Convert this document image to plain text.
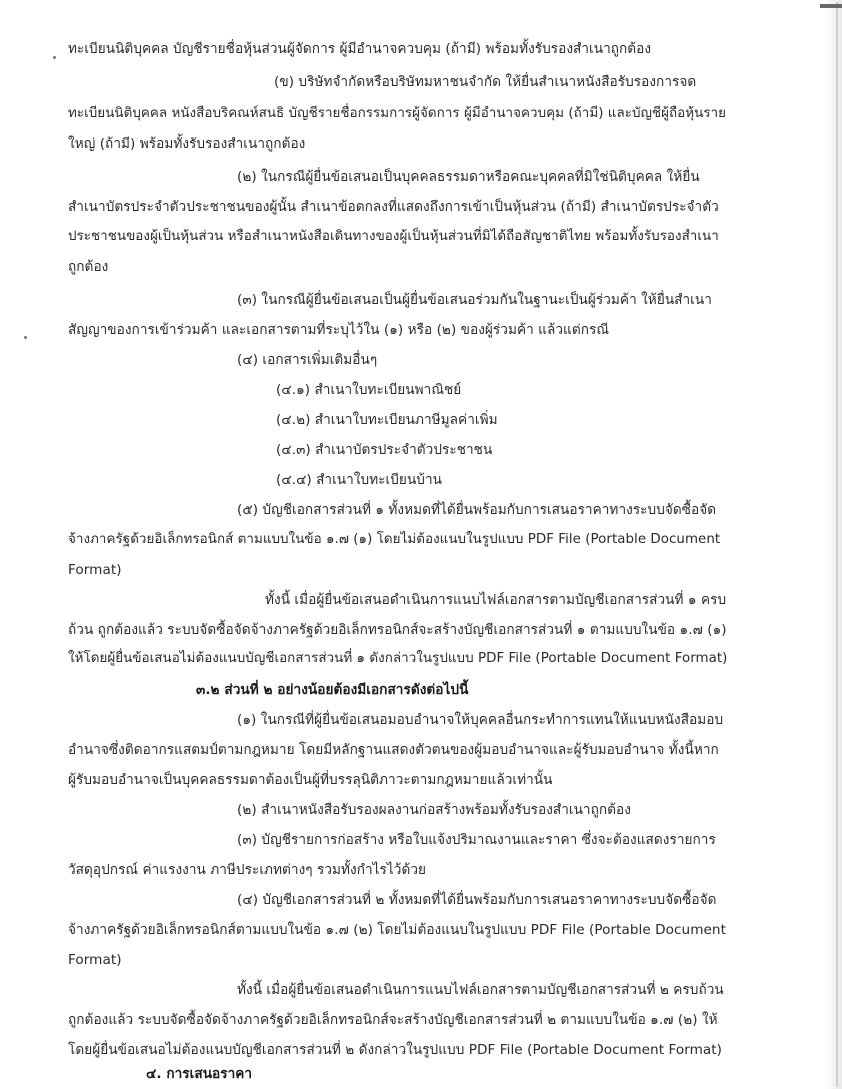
ทะเบียนนิติบุคคล บัญชีรายชื่อหุ้นส่วนผู้จัดการ ผู้มีอำนาจควบคุม (ถ้ามี) พร้อมทั้งรับรองสำเนาถูกต้อง
(ข) บริษัทจำกัดหรือบริษัทมหาชนจำกัด ให้ยื่นสำเนาหนังสือรับรองการจด
ทะเบียนนิติบุคคล หนังสือบริคณห์สนธิ บัญชีรายชื่อกรรมการผู้จัดการ ผู้มีอำนาจควบคุม (ถ้ามี) และบัญชีผู้ถือหุ้นราย
ใหญ่ (ถ้ามี) พร้อมทั้งรับรองสำเนาถูกต้อง
(๒) ในกรณีผู้ยื่นข้อเสนอเป็นบุคคลธรรมดาหรือคณะบุคคลที่มิใช่นิติบุคคล ให้ยื่น
สำเนาบัตรประจำตัวประชาชนของผู้นั้น สำเนาข้อตกลงที่แสดงถึงการเข้าเป็นหุ้นส่วน (ถ้ามี) สำเนาบัตรประจำตัว
ประชาชนของผู้เป็นหุ้นส่วน หรือสำเนาหนังสือเดินทางของผู้เป็นหุ้นส่วนที่มิได้ถือสัญชาติไทย พร้อมทั้งรับรองสำเนา
ถูกต้อง
(๓) ในกรณีผู้ยื่นข้อเสนอเป็นผู้ยื่นข้อเสนอร่วมกันในฐานะเป็นผู้ร่วมค้า ให้ยื่นสำเนา
สัญญาของการเข้าร่วมค้า และเอกสารตามที่ระบุไว้ใน (๑) หรือ (๒) ของผู้ร่วมค้า แล้วแต่กรณี
(๔) เอกสารเพิ่มเติมอื่นๆ
(๔.๑) สำเนาใบทะเบียนพาณิชย์
(๔.๒) สำเนาใบทะเบียนภาษีมูลค่าเพิ่ม
(๔.๓) สำเนาบัตรประจำตัวประชาชน
(๔.๔) สำเนาใบทะเบียนบ้าน
(๕) บัญชีเอกสารส่วนที่ ๑ ทั้งหมดที่ได้ยื่นพร้อมกับการเสนอราคาทางระบบจัดซื้อจัด
จ้างภาครัฐด้วยอิเล็กทรอนิกส์ ตามแบบในข้อ ๑.๗ (๑) โดยไม่ต้องแนบในรูปแบบ PDF File (Portable Document
Format)
ทั้งนี้ เมื่อผู้ยื่นข้อเสนอดำเนินการแนบไฟล์เอกสารตามบัญชีเอกสารส่วนที่ ๑ ครบ
ถ้วน ถูกต้องแล้ว ระบบจัดซื้อจัดจ้างภาครัฐด้วยอิเล็กทรอนิกส์จะสร้างบัญชีเอกสารส่วนที่ ๑ ตามแบบในข้อ ๑.๗ (๑)
ให้โดยผู้ยื่นข้อเสนอไม่ต้องแนบบัญชีเอกสารส่วนที่ ๑ ดังกล่าวในรูปแบบ PDF File (Portable Document Format)
๓.๒ ส่วนที่ ๒ อย่างน้อยต้องมีเอกสารดังต่อไปนี้
(๑) ในกรณีที่ผู้ยื่นข้อเสนอมอบอำนาจให้บุคคลอื่นกระทำการแทนให้แนบหนังสือมอบ
อำนาจซึ่งติดอากรแสตมป์ตามกฎหมาย โดยมีหลักฐานแสดงตัวตนของผู้มอบอำนาจและผู้รับมอบอำนาจ ทั้งนี้หาก
ผู้รับมอบอำนาจเป็นบุคคลธรรมดาต้องเป็นผู้ที่บรรลุนิติภาวะตามกฎหมายแล้วเท่านั้น
(๒) สำเนาหนังสือรับรองผลงานก่อสร้างพร้อมทั้งรับรองสำเนาถูกต้อง
(๓) บัญชีรายการก่อสร้าง หรือใบแจ้งปริมาณงานและราคา ซึ่งจะต้องแสดงรายการ
วัสดุอุปกรณ์ ค่าแรงงาน ภาษีประเภทต่างๆ รวมทั้งกำไรไว้ด้วย
(๔) บัญชีเอกสารส่วนที่ ๒ ทั้งหมดที่ได้ยื่นพร้อมกับการเสนอราคาทางระบบจัดซื้อจัด
จ้างภาครัฐด้วยอิเล็กทรอนิกส์ตามแบบในข้อ ๑.๗ (๒) โดยไม่ต้องแนบในรูปแบบ PDF File (Portable Document
Format)
ทั้งนี้ เมื่อผู้ยื่นข้อเสนอดำเนินการแนบไฟล์เอกสารตามบัญชีเอกสารส่วนที่ ๒ ครบถ้วน
ถูกต้องแล้ว ระบบจัดซื้อจัดจ้างภาครัฐด้วยอิเล็กทรอนิกส์จะสร้างบัญชีเอกสารส่วนที่ ๒ ตามแบบในข้อ ๑.๗ (๒) ให้
โดยผู้ยื่นข้อเสนอไม่ต้องแนบบัญชีเอกสารส่วนที่ ๒ ดังกล่าวในรูปแบบ PDF File (Portable Document Format)
๔. การเสนอราคา
